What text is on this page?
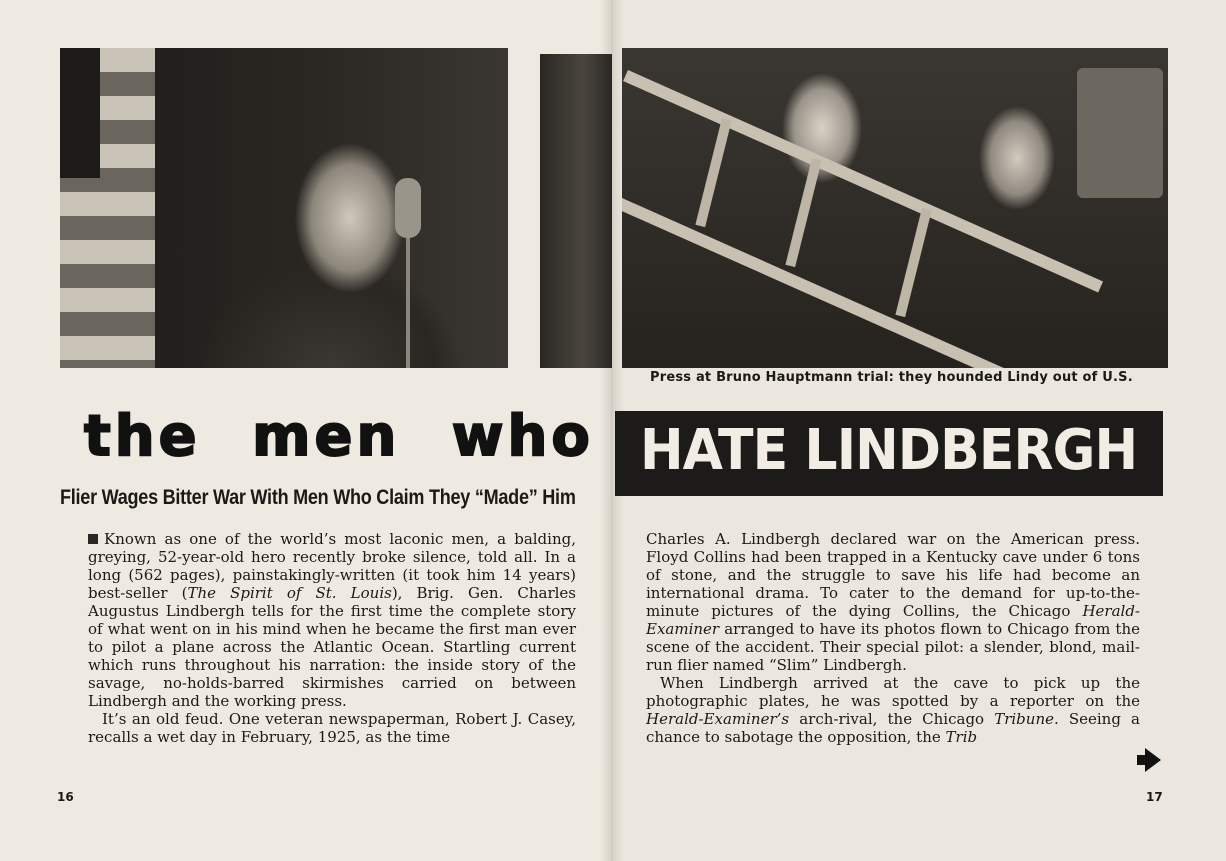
Press at Bruno Hauptmann trial: they hounded Lindy out of U.S.
the men who HATE LINDBERGH
Flier Wages Bitter War With Men Who Claim They “Made” Him

Known as one of the world’s most laconic men, a balding, greying, 52-year-old hero recently broke silence, told all. In a long (562 pages), painstakingly-written (it took him 14 years) best-seller (The Spirit of St. Louis), Brig. Gen. Charles Augustus Lindbergh tells for the first time the complete story of what went on in his mind when he became the first man ever to pilot a plane across the Atlantic Ocean. Startling current which runs throughout his narration: the inside story of the savage, no-holds-barred skirmishes carried on between Lindbergh and the working press.

It’s an old feud. One veteran newspaperman, Robert J. Casey, recalls a wet day in February, 1925, as the time

Charles A. Lindbergh declared war on the American press. Floyd Collins had been trapped in a Kentucky cave under 6 tons of stone, and the struggle to save his life had become an international drama. To cater to the demand for up-to-the-minute pictures of the dying Collins, the Chicago Herald-Examiner arranged to have its photos flown to Chicago from the scene of the accident. Their special pilot: a slender, blond, mail-run flier named “Slim” Lindbergh.

When Lindbergh arrived at the cave to pick up the photographic plates, he was spotted by a reporter on the Herald-Examiner’s arch-rival, the Chicago Tribune. Seeing a chance to sabotage the opposition, the Trib

16	17
